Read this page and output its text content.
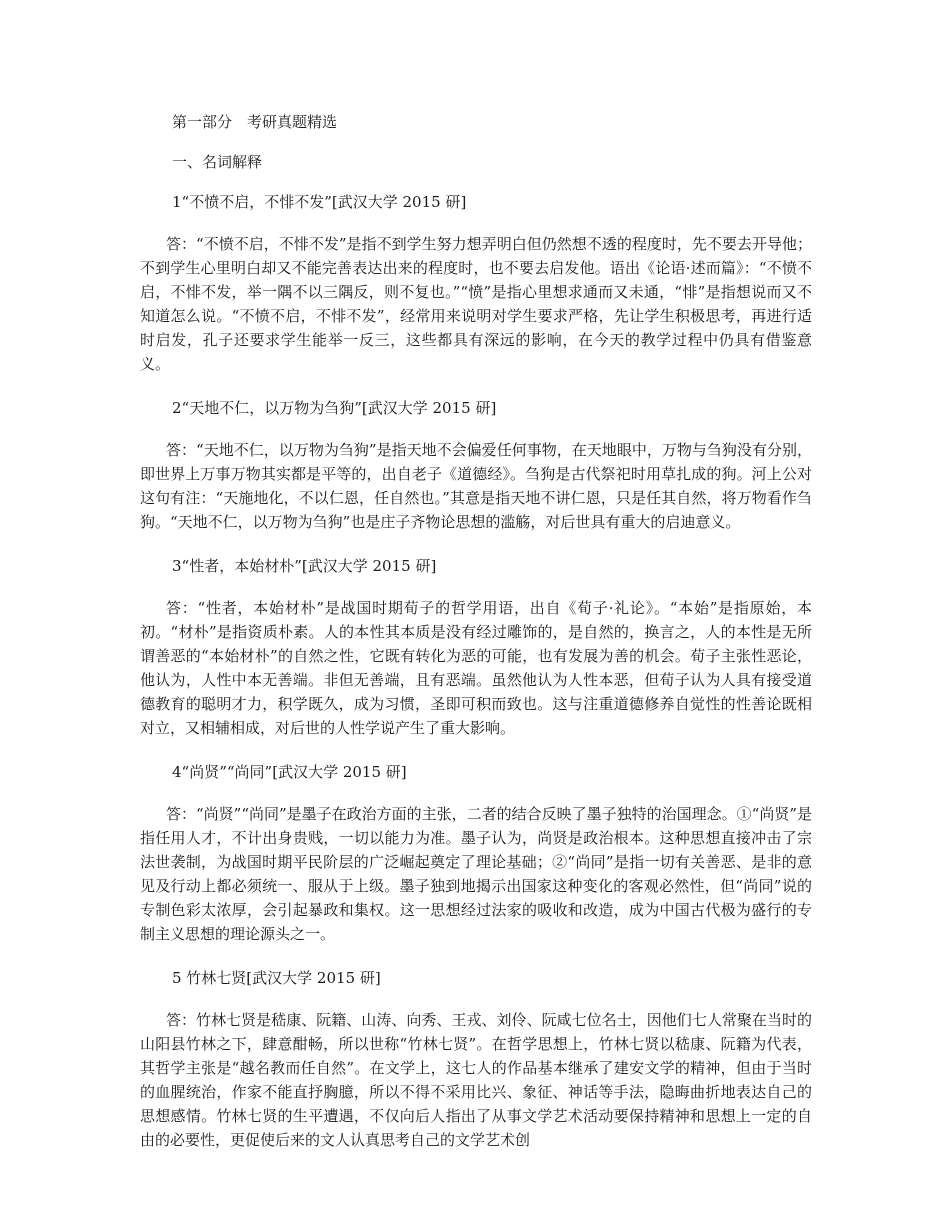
第一部分　考研真题精选
一、名词解释
1“不愤不启，不悱不发”[武汉大学 2015 研]

答：“不愤不启，不悱不发”是指不到学生努力想弄明白但仍然想不透的程度时，先不要去开导他；不到学生心里明白却又不能完善表达出来的程度时，也不要去启发他。语出《论语·述而篇》：“不愤不启，不悱不发，举一隅不以三隅反，则不复也。”“愤”是指心里想求通而又未通，“悱”是指想说而又不知道怎么说。“不愤不启，不悱不发”，经常用来说明对学生要求严格，先让学生积极思考，再进行适时启发，孔子还要求学生能举一反三，这些都具有深远的影响，在今天的教学过程中仍具有借鉴意义。

2“天地不仁，以万物为刍狗”[武汉大学 2015 研]

答：“天地不仁，以万物为刍狗”是指天地不会偏爱任何事物，在天地眼中，万物与刍狗没有分别，即世界上万事万物其实都是平等的，出自老子《道德经》。刍狗是古代祭祀时用草扎成的狗。河上公对这句有注：“天施地化，不以仁恩，任自然也。”其意是指天地不讲仁恩，只是任其自然，将万物看作刍狗。“天地不仁，以万物为刍狗”也是庄子齐物论思想的滥觞，对后世具有重大的启迪意义。

3“性者，本始材朴”[武汉大学 2015 研]

答：“性者，本始材朴”是战国时期荀子的哲学用语，出自《荀子·礼论》。“本始”是指原始，本初。“材朴”是指资质朴素。人的本性其本质是没有经过雕饰的，是自然的，换言之，人的本性是无所谓善恶的“本始材朴”的自然之性，它既有转化为恶的可能，也有发展为善的机会。荀子主张性恶论，他认为，人性中本无善端。非但无善端，且有恶端。虽然他认为人性本恶，但荀子认为人具有接受道德教育的聪明才力，积学既久，成为习惯，圣即可积而致也。这与注重道德修养自觉性的性善论既相对立，又相辅相成，对后世的人性学说产生了重大影响。

4“尚贤”“尚同”[武汉大学 2015 研]

答：“尚贤”“尚同”是墨子在政治方面的主张，二者的结合反映了墨子独特的治国理念。①“尚贤”是指任用人才，不计出身贵贱，一切以能力为准。墨子认为，尚贤是政治根本。这种思想直接冲击了宗法世袭制，为战国时期平民阶层的广泛崛起奠定了理论基础；②“尚同”是指一切有关善恶、是非的意见及行动上都必须统一、服从于上级。墨子独到地揭示出国家这种变化的客观必然性，但“尚同”说的专制色彩太浓厚，会引起暴政和集权。这一思想经过法家的吸收和改造，成为中国古代极为盛行的专制主义思想的理论源头之一。

5 竹林七贤[武汉大学 2015 研]

答：竹林七贤是嵇康、阮籍、山涛、向秀、王戎、刘伶、阮咸七位名士，因他们七人常聚在当时的山阳县竹林之下，肆意酣畅，所以世称“竹林七贤”。在哲学思想上，竹林七贤以嵇康、阮籍为代表，其哲学主张是“越名教而任自然”。在文学上，这七人的作品基本继承了建安文学的精神，但由于当时的血腥统治，作家不能直抒胸臆，所以不得不采用比兴、象征、神话等手法，隐晦曲折地表达自己的思想感情。竹林七贤的生平遭遇，不仅向后人指出了从事文学艺术活动要保持精神和思想上一定的自由的必要性，更促使后来的文人认真思考自己的文学艺术创
